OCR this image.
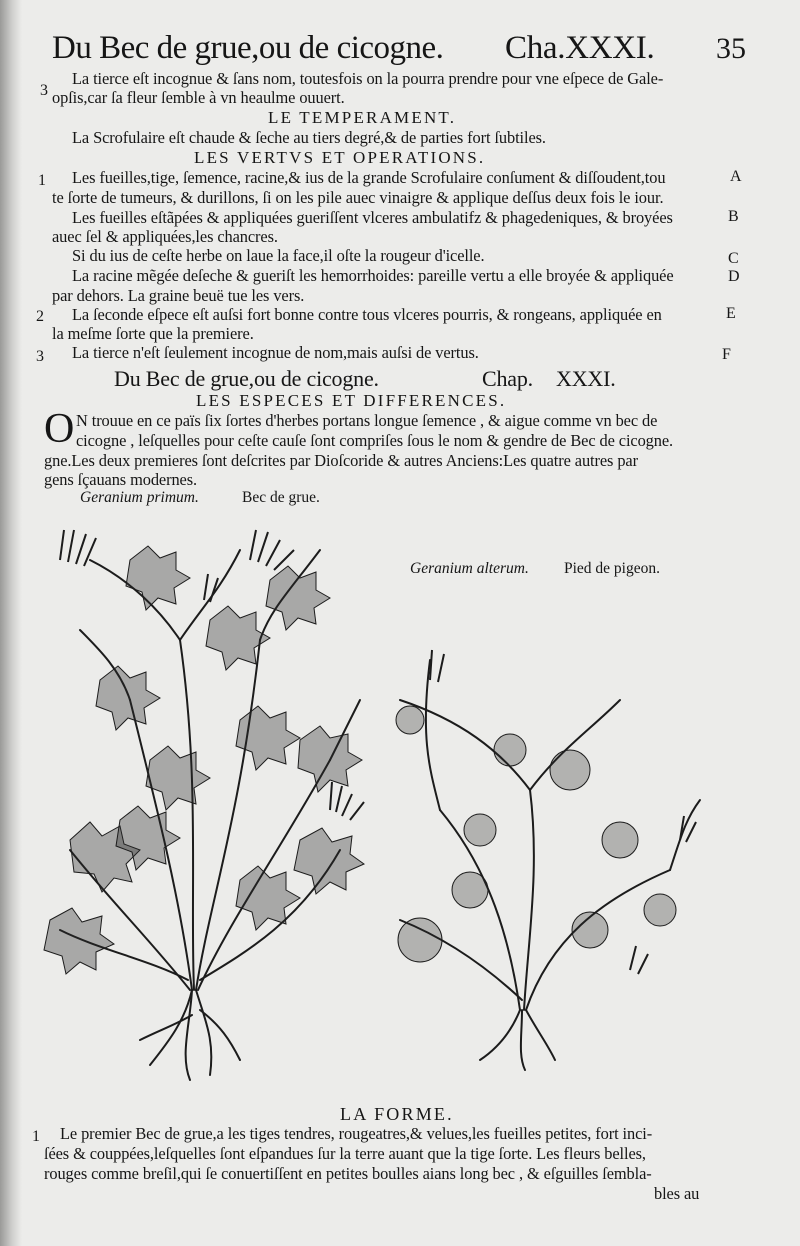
Du Bec de grue,ou de cicogne. Cha.XXXI. 35
3
La tierce eſt incognue & ſans nom, toutesfois on la pourra prendre pour vne eſpece de Gale-
opſis,car ſa fleur ſemble à vn heaulme ouuert.
LE TEMPERAMENT.
La Scrofulaire eſt chaude & ſeche au tiers degré,& de parties fort ſubtiles.
LES VERTVS ET OPERATIONS.
1 Les fueilles,tige, ſemence, racine,& ius de la grande Scrofulaire conſument & diſſoudent,tou	A
te ſorte de tumeurs, & durillons, ſi on les pile auec vinaigre & applique deſſus deux fois le iour.
Les fueilles eſtãpées & appliquées gueriſſent vlceres ambulatifz & phagedeniques, & broyées	B
auec ſel & appliquées,les chancres.
Si du ius de ceſte herbe on laue la face,il oſte la rougeur d'icelle.	C
La racine mẽgée deſeche & gueriſt les hemorrhoides: pareille vertu a elle broyée & appliquée	D
par dehors. La graine beuë tue les vers.
2 La ſeconde eſpece eſt auſsi fort bonne contre tous vlceres pourris, & rongeans, appliquée en	E
la meſme ſorte que la premiere.
3 La tierce n'eſt ſeulement incognue de nom,mais auſsi de vertus.	F
Du Bec de grue,ou de cicogne.	Chap. XXXI.
LES ESPECES ET DIFFERENCES.
O N trouue en ce païs ſix ſortes d'herbes portans longue ſemence , & aigue comme vn bec de
cicogne , leſquelles pour ceſte cauſe ſont compriſes ſous le nom & gendre de Bec de cicogne.
gne.Les deux premieres ſont deſcrites par Dioſcoride & autres Anciens:Les quatre autres par
gens ſçauans modernes.
Geranium primum.	Bec de grue.
Geranium alterum. Pied de pigeon.
LA FORME.
1 Le premier Bec de grue,a les tiges tendres, rougeatres,& velues,les fueilles petites, fort inci-
ſées & couppées,leſquelles ſont eſpandues ſur la terre auant que la tige ſorte. Les fleurs belles,
rouges comme breſil,qui ſe conuertiſſent en petites boulles aians long bec , & eſguilles ſembla-
bles au
